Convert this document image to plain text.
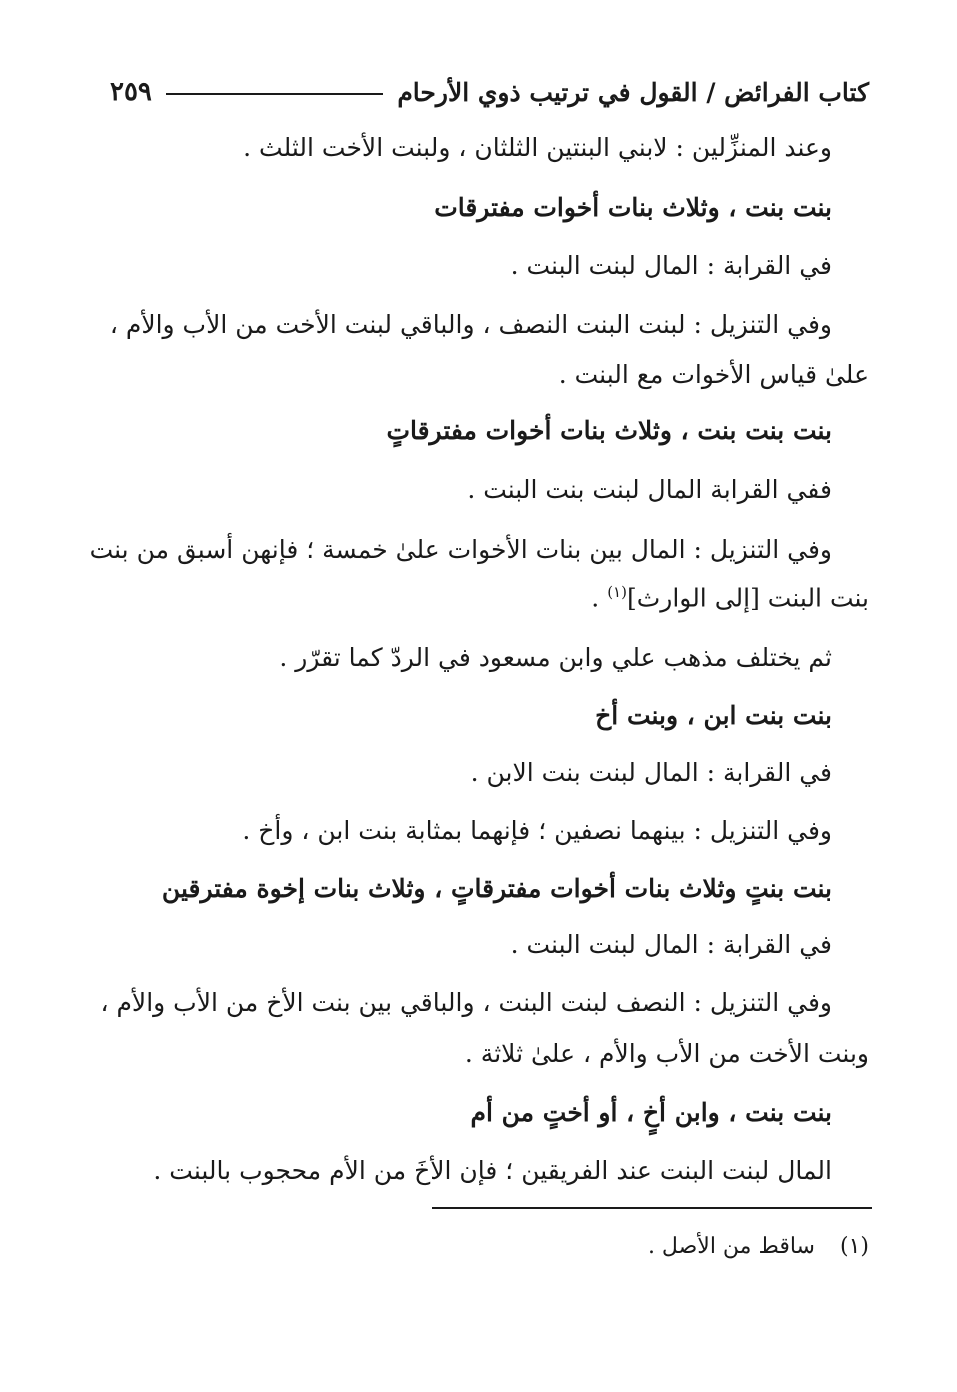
كتاب الفرائض / القول في ترتيب ذوي الأرحام
٢٥٩
وعند المنزِّلين : لابني البنتين الثلثان ، ولبنت الأخت الثلث .
بنت بنت ، وثلاث بنات أخوات مفترقات
في القرابة : المال لبنت البنت .
وفي التنزيل : لبنت البنت النصف ، والباقي لبنت الأخت من الأب والأم ،
علىٰ قياس الأخوات مع البنت .
بنت بنت بنت ، وثلاث بنات أخوات مفترقاتٍ
ففي القرابة المال لبنت بنت البنت .
وفي التنزيل : المال بين بنات الأخوات علىٰ خمسة ؛ فإنهن أسبق من بنت
بنت البنت [إلى الوارث]$^{(١)}$ .
ثم يختلف مذهب علي وابن مسعود في الردّ كما تقرّر .
بنت بنت ابن ، وبنت أخ
في القرابة : المال لبنت بنت الابن .
وفي التنزيل : بينهما نصفين ؛ فإنهما بمثابة بنت ابن ، وأخ .
بنت بنتٍ وثلاث بنات أخوات مفترقاتٍ ، وثلاث بنات إخوة مفترقين
في القرابة : المال لبنت البنت .
وفي التنزيل : النصف لبنت البنت ، والباقي بين بنت الأخ من الأب والأم ،
وبنت الأخت من الأب والأم ، علىٰ ثلاثة .
بنت بنت ، وابن أخٍ ، أو أختٍ من أم
المال لبنت البنت عند الفريقين ؛ فإن الأخَ من الأم محجوب بالبنت .
(١) ساقط من الأصل .
